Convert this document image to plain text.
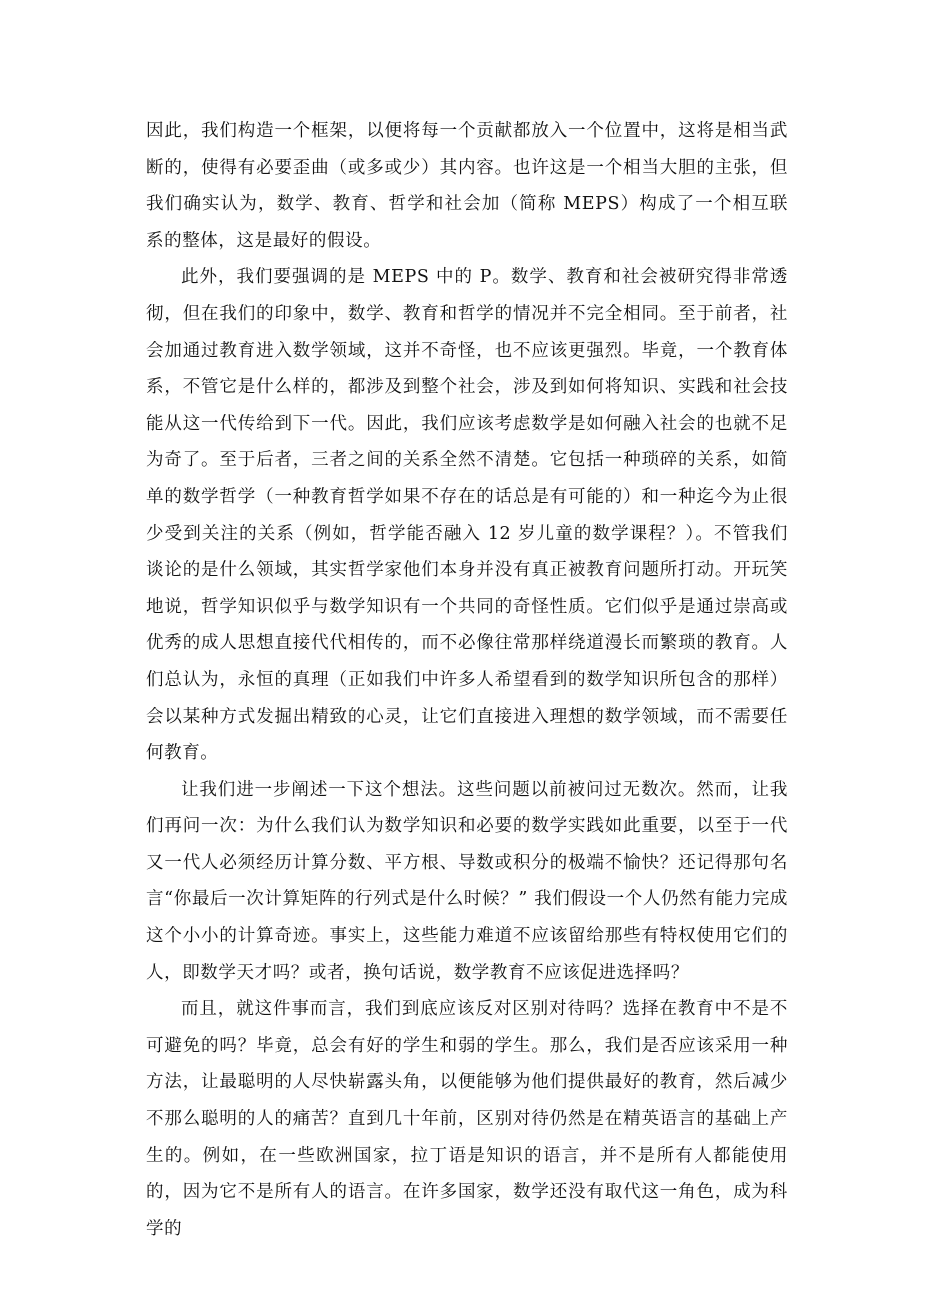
因此，我们构造一个框架，以便将每一个贡献都放入一个位置中，这将是相当武断的，使得有必要歪曲（或多或少）其内容。也许这是一个相当大胆的主张，但我们确实认为，数学、教育、哲学和社会加（简称 MEPS）构成了一个相互联系的整体，这是最好的假设。

此外，我们要强调的是 MEPS 中的 P。数学、教育和社会被研究得非常透彻，但在我们的印象中，数学、教育和哲学的情况并不完全相同。至于前者，社会加通过教育进入数学领域，这并不奇怪，也不应该更强烈。毕竟，一个教育体系，不管它是什么样的，都涉及到整个社会，涉及到如何将知识、实践和社会技能从这一代传给到下一代。因此，我们应该考虑数学是如何融入社会的也就不足为奇了。至于后者，三者之间的关系全然不清楚。它包括一种琐碎的关系，如简单的数学哲学（一种教育哲学如果不存在的话总是有可能的）和一种迄今为止很少受到关注的关系（例如，哲学能否融入 12 岁儿童的数学课程？）。不管我们谈论的是什么领域，其实哲学家他们本身并没有真正被教育问题所打动。开玩笑地说，哲学知识似乎与数学知识有一个共同的奇怪性质。它们似乎是通过崇高或优秀的成人思想直接代代相传的，而不必像往常那样绕道漫长而繁琐的教育。人们总认为，永恒的真理（正如我们中许多人希望看到的数学知识所包含的那样）会以某种方式发掘出精致的心灵，让它们直接进入理想的数学领域，而不需要任何教育。

让我们进一步阐述一下这个想法。这些问题以前被问过无数次。然而，让我们再问一次：为什么我们认为数学知识和必要的数学实践如此重要，以至于一代又一代人必须经历计算分数、平方根、导数或积分的极端不愉快？还记得那句名言“你最后一次计算矩阵的行列式是什么时候？” 我们假设一个人仍然有能力完成这个小小的计算奇迹。事实上，这些能力难道不应该留给那些有特权使用它们的人，即数学天才吗？或者，换句话说，数学教育不应该促进选择吗？

而且，就这件事而言，我们到底应该反对区别对待吗？选择在教育中不是不可避免的吗？毕竟，总会有好的学生和弱的学生。那么，我们是否应该采用一种方法，让最聪明的人尽快崭露头角，以便能够为他们提供最好的教育，然后减少不那么聪明的人的痛苦？直到几十年前，区别对待仍然是在精英语言的基础上产生的。例如，在一些欧洲国家，拉丁语是知识的语言，并不是所有人都能使用的，因为它不是所有人的语言。在许多国家，数学还没有取代这一角色，成为科学的
